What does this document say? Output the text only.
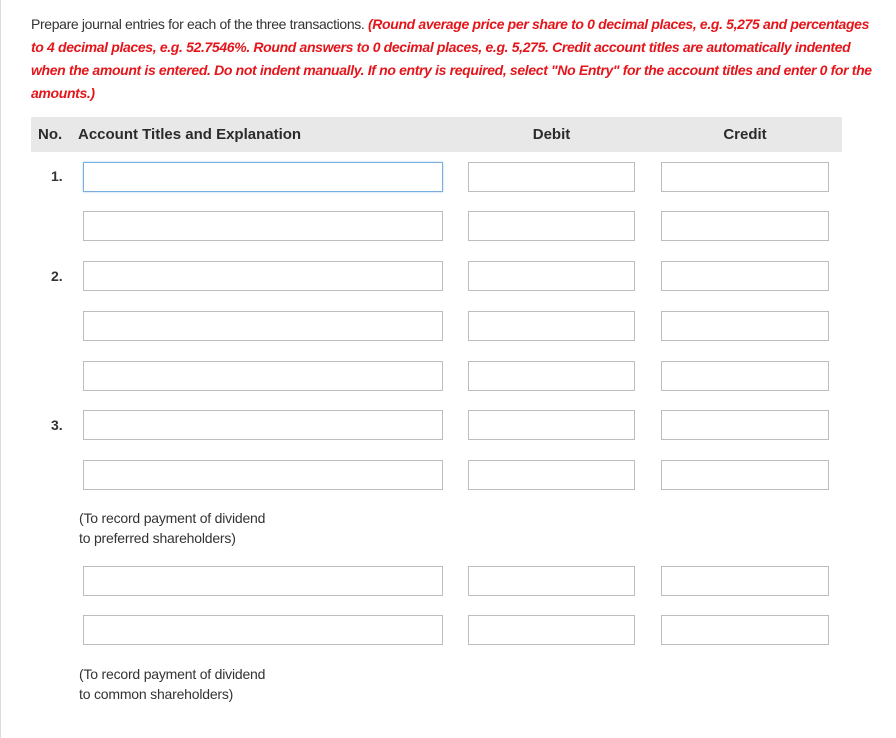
Prepare journal entries for each of the three transactions. (Round average price per share to 0 decimal places, e.g. 5,275 and percentages to 4 decimal places, e.g. 52.7546%. Round answers to 0 decimal places, e.g. 5,275. Credit account titles are automatically indented when the amount is entered. Do not indent manually. If no entry is required, select "No Entry" for the account titles and enter 0 for the amounts.)
No. Account Titles and Explanation	Debit	Credit
1.
2.
3.
(To record payment of dividend
to preferred shareholders)
(To record payment of dividend
to common shareholders)
